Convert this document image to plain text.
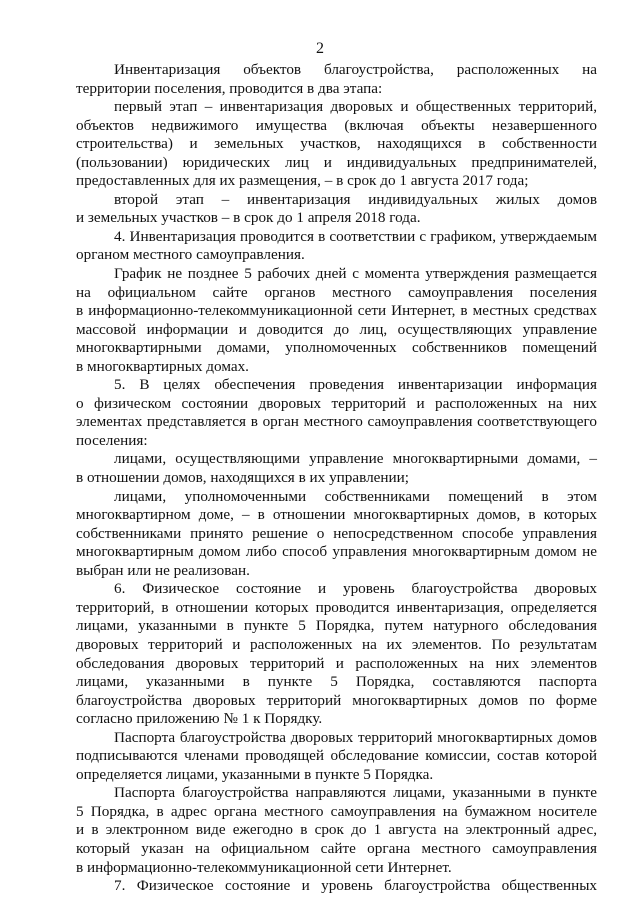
2
Инвентаризация объектов благоустройства, расположенных на
территории поселения, проводится в два этапа:
первый этап – инвентаризация дворовых и общественных территорий,
объектов недвижимого имущества (включая объекты незавершенного
строительства) и земельных участков, находящихся в собственности
(пользовании) юридических лиц и индивидуальных предпринимателей,
предоставленных для их размещения, – в срок до 1 августа 2017 года;
второй этап – инвентаризация индивидуальных жилых домов
и земельных участков – в срок до 1 апреля 2018 года.
4. Инвентаризация проводится в соответствии с графиком, утверждаемым
органом местного самоуправления.
График не позднее 5 рабочих дней с момента утверждения размещается
на официальном сайте органов местного самоуправления поселения
в информационно-телекоммуникационной сети Интернет, в местных средствах
массовой информации и доводится до лиц, осуществляющих управление
многоквартирными домами, уполномоченных собственников помещений
в многоквартирных домах.
5. В целях обеспечения проведения инвентаризации информация
о физическом состоянии дворовых территорий и расположенных на них
элементах представляется в орган местного самоуправления соответствующего
поселения:
лицами, осуществляющими управление многоквартирными домами, –
в отношении домов, находящихся в их управлении;
лицами, уполномоченными собственниками помещений в этом
многоквартирном доме, – в отношении многоквартирных домов, в которых
собственниками принято решение о непосредственном способе управления
многоквартирным домом либо способ управления многоквартирным домом не
выбран или не реализован.
6. Физическое состояние и уровень благоустройства дворовых
территорий, в отношении которых проводится инвентаризация, определяется
лицами, указанными в пункте 5 Порядка, путем натурного обследования
дворовых территорий и расположенных на их элементов. По результатам
обследования дворовых территорий и расположенных на них элементов
лицами, указанными в пункте 5 Порядка, составляются паспорта
благоустройства дворовых территорий многоквартирных домов по форме
согласно приложению № 1 к Порядку.
Паспорта благоустройства дворовых территорий многоквартирных домов
подписываются членами проводящей обследование комиссии, состав которой
определяется лицами, указанными в пункте 5 Порядка.
Паспорта благоустройства направляются лицами, указанными в пункте
5 Порядка, в адрес органа местного самоуправления на бумажном носителе
и в электронном виде ежегодно в срок до 1 августа на электронный адрес,
который указан на официальном сайте органа местного самоуправления
в информационно-телекоммуникационной сети Интернет.
7. Физическое состояние и уровень благоустройства общественных
